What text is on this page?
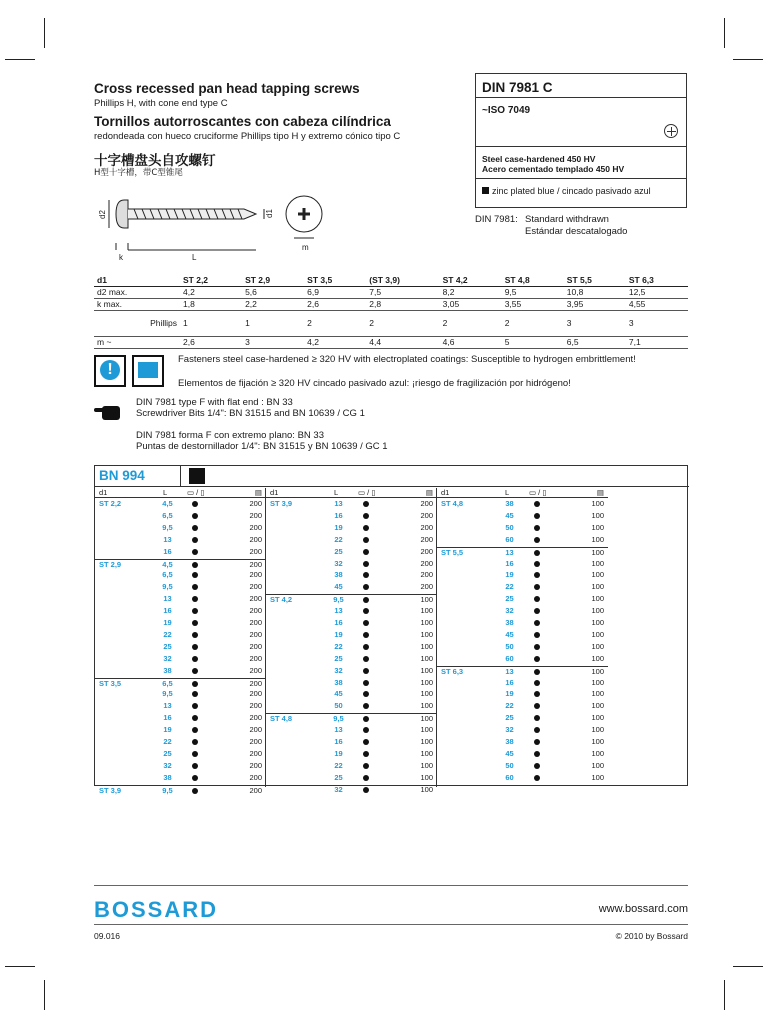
Cross recessed pan head tapping screws
Phillips H, with cone end type C
Tornillos autorroscantes con cabeza cilíndrica
redondeada con hueco cruciforme Phillips tipo H y extremo cónico tipo C
十字槽盘头自攻螺钉
H型十字槽，带C型锥尾
d2
k	L
d1
m
DIN 7981 C
~ISO 7049
Steel case-hardened 450 HV
Acero cementado templado 450 HV
zinc plated blue / cincado pasivado azul
DIN 7981: Standard withdrawn
Estándar descatalogado
d1	ST 2,2	ST 2,9	ST 3,5	(ST 3,9)	ST 4,2	ST 4,8	ST 5,5	ST 6,3
d2 max.	4,2	5,6	6,9	7,5	8,2	9,5	10,8	12,5
k max.	1,8	2,2	2,6	2,8	3,05	3,55	3,95	4,55
Phillips	1	1	2	2	2	2	3	3
m ~	2,6	3	4,2	4,4	4,6	5	6,5	7,1
!
Fasteners steel case-hardened ≥ 320 HV with electroplated coatings: Susceptible to hydrogen embrittlement!
Elementos de fijación ≥ 320 HV cincado pasivado azul: ¡riesgo de fragilización por hidrógeno!
DIN 7981 type F with flat end : BN 33
Screwdriver Bits 1/4": BN 31515 and BN 10639 / CG 1
DIN 7981 forma F con extremo plano: BN 33
Puntas de destornillador 1/4": BN 31515 y BN 10639 / GC 1
BN 994
d1	L	▭ / ▯	▤
ST 2,2	4,5	200
6,5	200
9,5	200
13	200
16	200
ST 2,9	4,5	200
6,5	200
9,5	200
13	200
16	200
19	200
22	200
25	200
32	200
38	200
ST 3,5	6,5	200
9,5	200
13	200
16	200
19	200
22	200
25	200
32	200
38	200
ST 3,9	9,5	200
d1	L	▭ / ▯	▤
ST 3,9	13	200
16	200
19	200
22	200
25	200
32	200
38	200
45	200
ST 4,2	9,5	100
13	100
16	100
19	100
22	100
25	100
32	100
38	100
45	100
50	100
ST 4,8	9,5	100
13	100
16	100
19	100
22	100
25	100
32	100
d1	L	▭ / ▯	▤
ST 4,8	38	100
45	100
50	100
60	100
ST 5,5	13	100
16	100
19	100
22	100
25	100
32	100
38	100
45	100
50	100
60	100
ST 6,3	13	100
16	100
19	100
22	100
25	100
32	100
38	100
45	100
50	100
60	100
BOSSARD	www.bossard.com
09.016	© 2010 by Bossard
